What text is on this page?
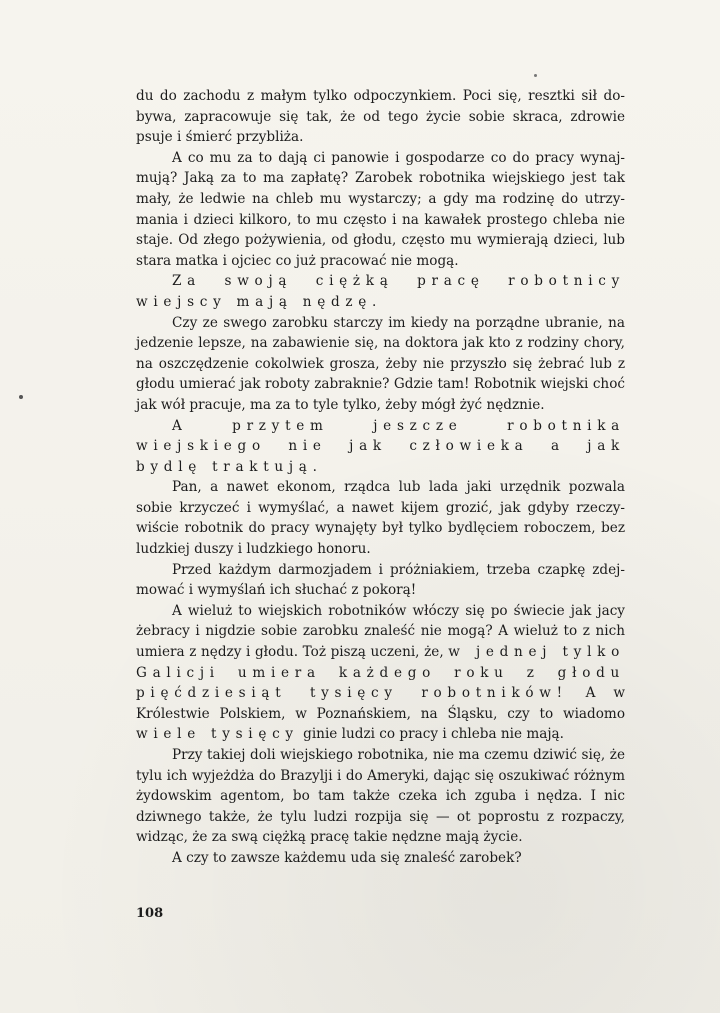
du do zachodu z małym tylko odpoczynkiem. Poci się, resztki sił dobywa, zapracowuje się tak, że od tego życie sobie skraca, zdrowie psuje i śmierć przybliża.

A co mu za to dają ci panowie i gospodarze co do pracy wynajmują? Jaką za to ma zapłatę? Zarobek robotnika wiejskiego jest tak mały, że ledwie na chleb mu wystarczy; a gdy ma rodzinę do utrzymania i dzieci kilkoro, to mu często i na kawałek prostego chleba nie staje. Od złego pożywienia, od głodu, często mu wymierają dzieci, lub stara matka i ojciec co już pracować nie mogą.

Za swoją ciężką pracę robotnicy wiejscy mają nędzę.

Czy ze swego zarobku starczy im kiedy na porządne ubranie, na jedzenie lepsze, na zabawienie się, na doktora jak kto z rodziny chory, na oszczędzenie cokolwiek grosza, żeby nie przyszło się żebrać lub z głodu umierać jak roboty zabraknie? Gdzie tam! Robotnik wiejski choć jak wół pracuje, ma za to tyle tylko, żeby mógł żyć nędznie.

A przytem jeszcze robotnika wiejskiego nie jak człowieka a jak bydlę traktują.

Pan, a nawet ekonom, rządca lub lada jaki urzędnik pozwala sobie krzyczeć i wymyślać, a nawet kijem grozić, jak gdyby rzeczywiście robotnik do pracy wynajęty był tylko bydlęciem roboczem, bez ludzkiej duszy i ludzkiego honoru.

Przed każdym darmozjadem i próżniakiem, trzeba czapkę zdejmować i wymyślań ich słuchać z pokorą!

A wieluż to wiejskich robotników włóczy się po świecie jak jacy żebracy i nigdzie sobie zarobku znaleść nie mogą? A wieluż to z nich umiera z nędzy i głodu. Toż piszą uczeni, że, w jednej tylko Galicji umiera każdego roku z głodu pięćdziesiąt tysięcy robotników! A w Królestwie Polskiem, w Poznańskiem, na Śląsku, czy to wiadomo wiele tysięcy ginie ludzi co pracy i chleba nie mają.

Przy takiej doli wiejskiego robotnika, nie ma czemu dziwić się, że tylu ich wyjeżdża do Brazylji i do Ameryki, dając się oszukiwać różnym żydowskim agentom, bo tam także czeka ich zguba i nędza. I nic dziwnego także, że tylu ludzi rozpija się — ot poprostu z rozpaczy, widząc, że za swą ciężką pracę takie nędzne mają życie.

A czy to zawsze każdemu uda się znaleść zarobek?

108
